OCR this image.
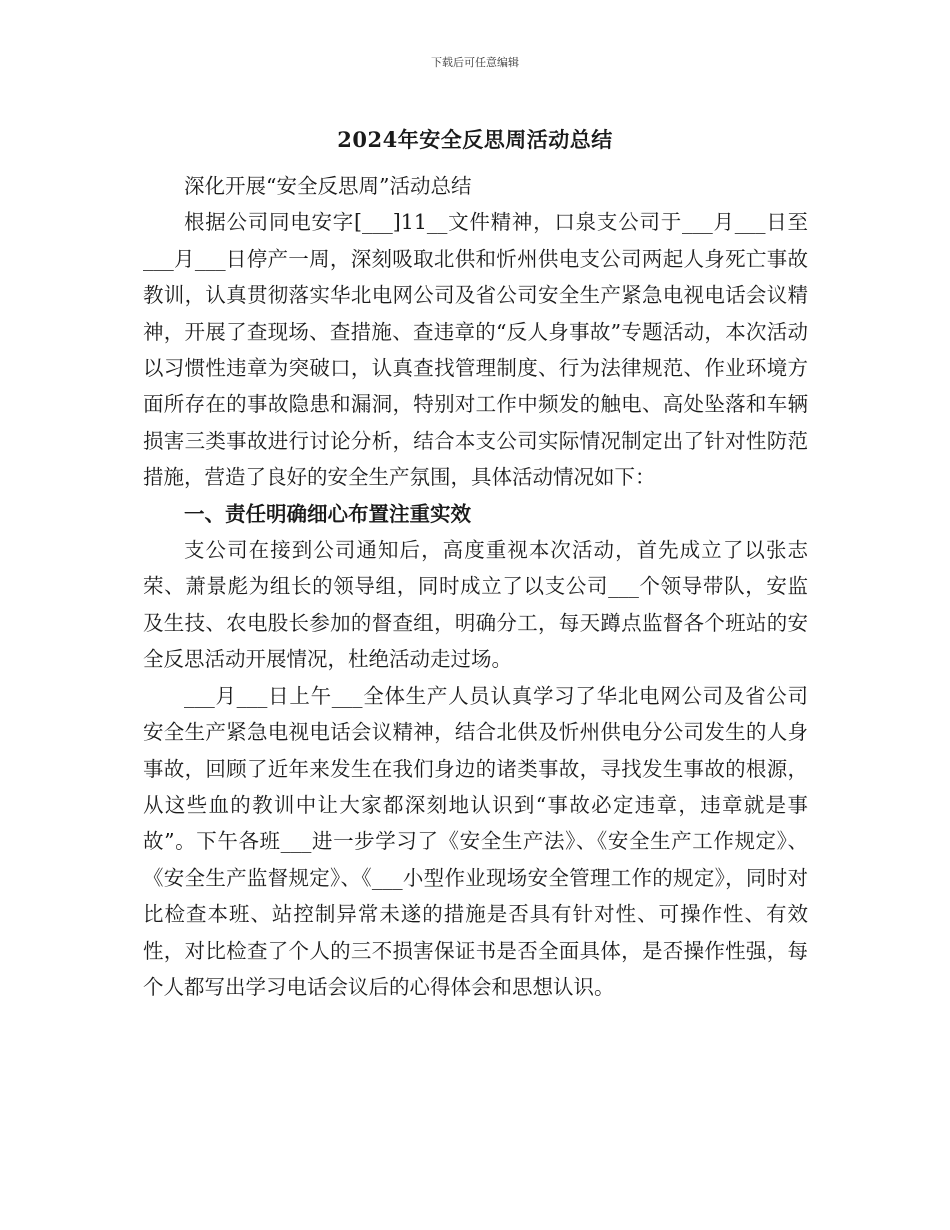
下载后可任意编辑
2024年安全反思周活动总结

深化开展“安全反思周”活动总结

根据公司同电安字[___]11__文件精神，口泉支公司于___月___日至___月___日停产一周，深刻吸取北供和忻州供电支公司两起人身死亡事故教训，认真贯彻落实华北电网公司及省公司安全生产紧急电视电话会议精神，开展了查现场、查措施、查违章的“反人身事故”专题活动，本次活动以习惯性违章为突破口，认真查找管理制度、行为法律规范、作业环境方面所存在的事故隐患和漏洞，特别对工作中频发的触电、高处坠落和车辆损害三类事故进行讨论分析，结合本支公司实际情况制定出了针对性防范措施，营造了良好的安全生产氛围，具体活动情况如下：

一、责任明确细心布置注重实效

支公司在接到公司通知后，高度重视本次活动，首先成立了以张志荣、萧景彪为组长的领导组，同时成立了以支公司___个领导带队，安监及生技、农电股长参加的督查组，明确分工，每天蹲点监督各个班站的安全反思活动开展情况，杜绝活动走过场。

___月___日上午___全体生产人员认真学习了华北电网公司及省公司安全生产紧急电视电话会议精神，结合北供及忻州供电分公司发生的人身事故，回顾了近年来发生在我们身边的诸类事故，寻找发生事故的根源，从这些血的教训中让大家都深刻地认识到“事故必定违章，违章就是事故”。下午各班___进一步学习了《安全生产法》、《安全生产工作规定》、《安全生产监督规定》、《___小型作业现场安全管理工作的规定》，同时对比检查本班、站控制异常未遂的措施是否具有针对性、可操作性、有效性，对比检查了个人的三不损害保证书是否全面具体，是否操作性强，每个人都写出学习电话会议后的心得体会和思想认识。
